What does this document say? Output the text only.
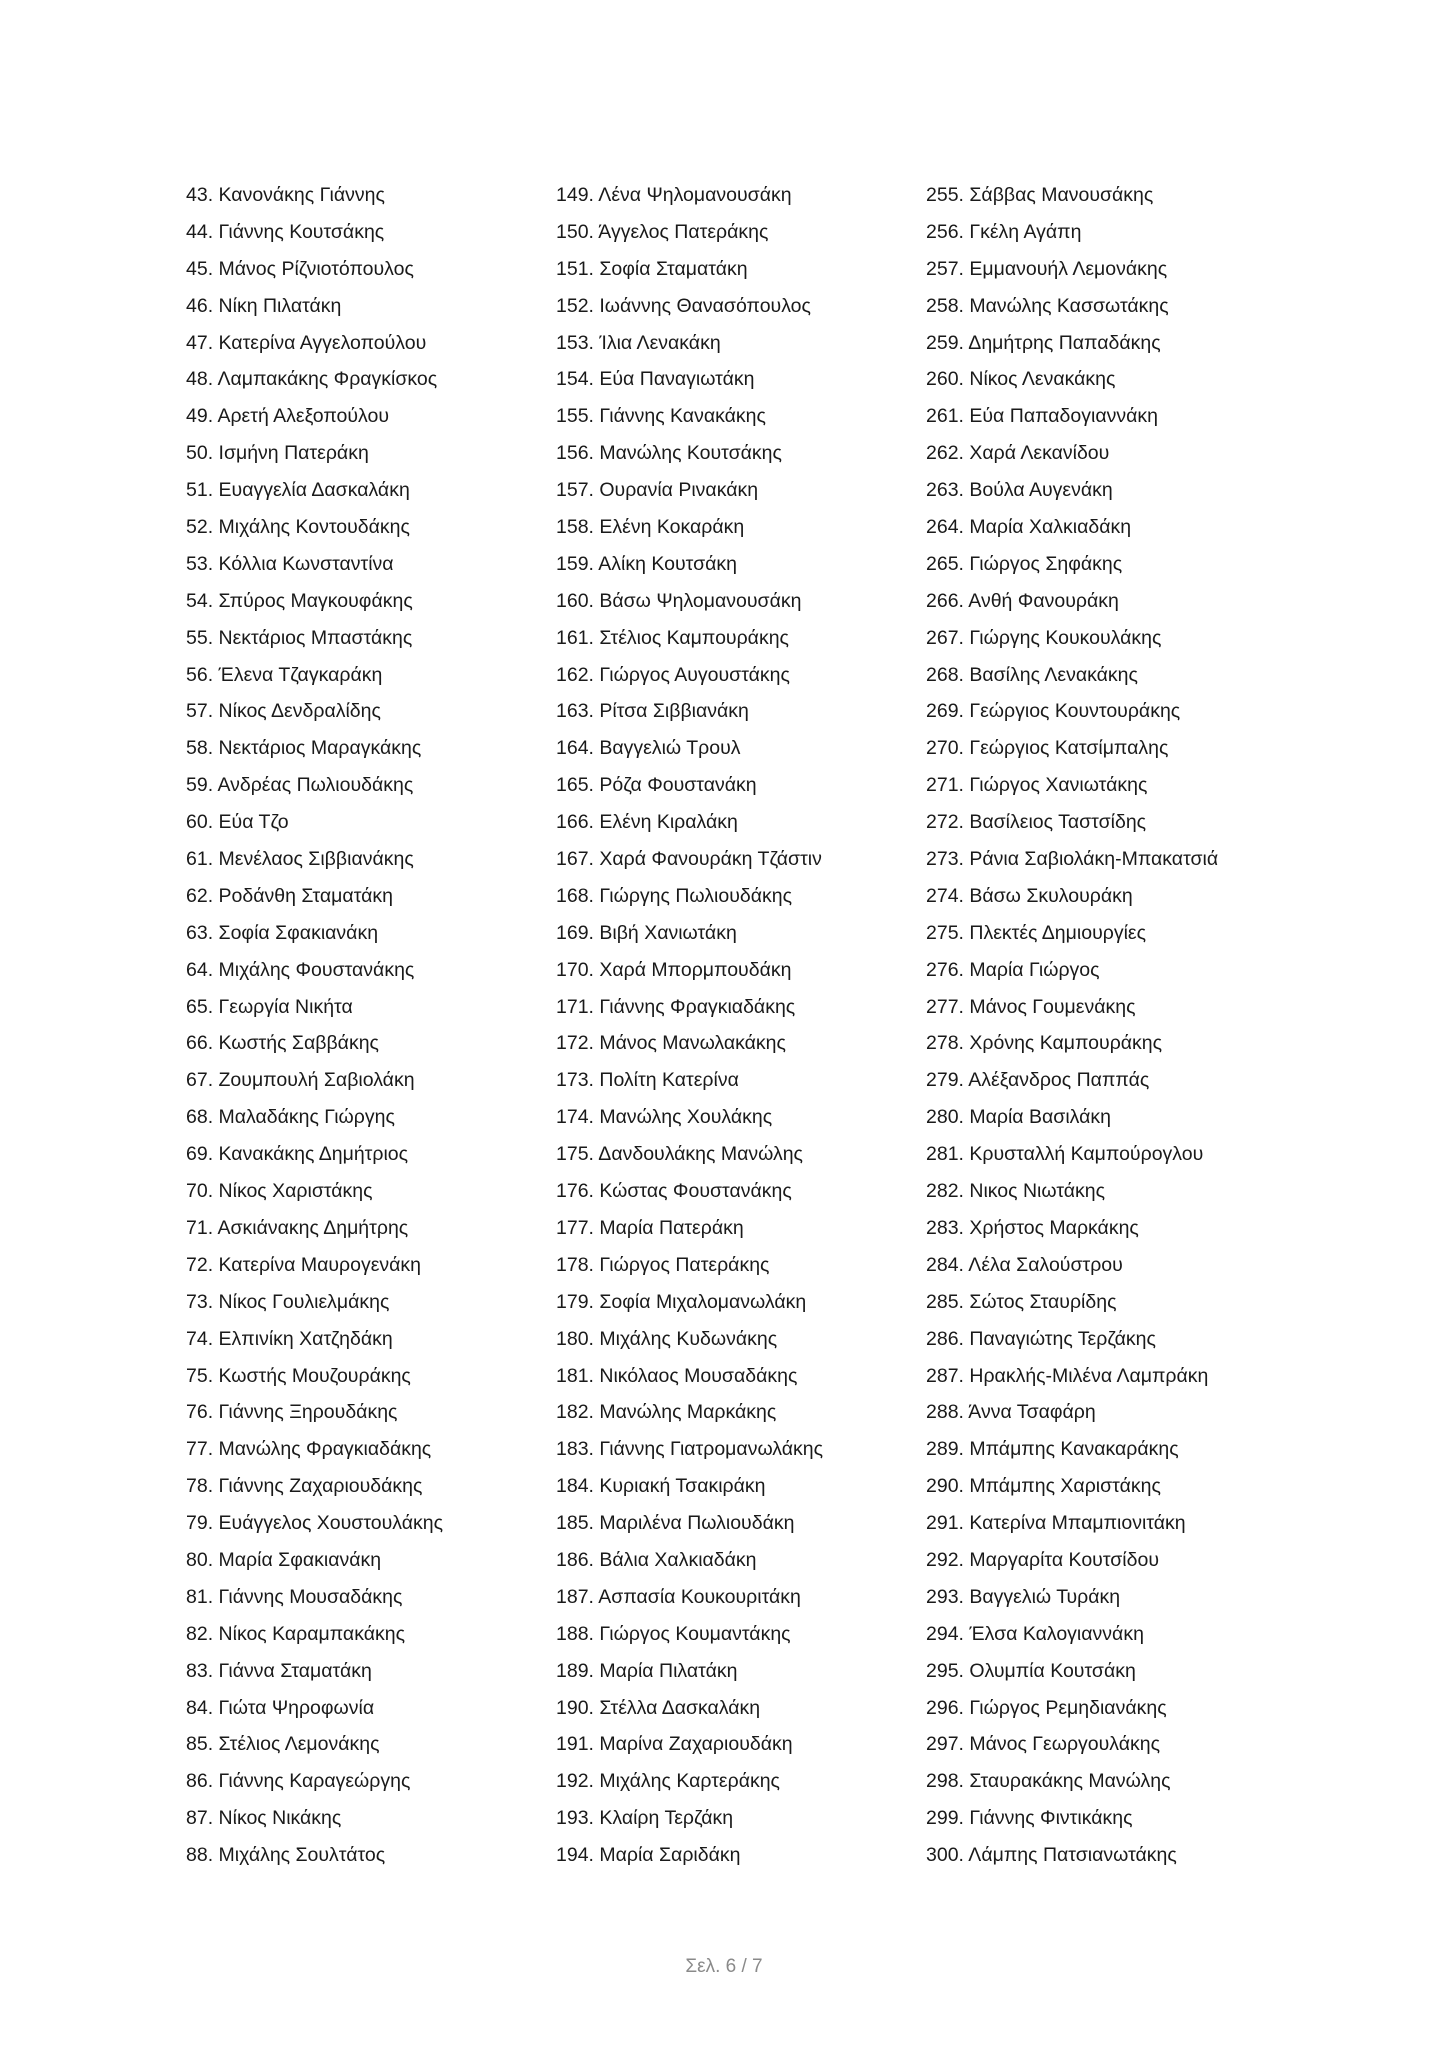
43. Κανονάκης Γιάννης
44. Γιάννης Κουτσάκης
45. Μάνος Ρίζνιοτόπουλος
46. Νίκη Πιλατάκη
47. Κατερίνα Αγγελοπούλου
48. Λαμπακάκης Φραγκίσκος
49. Αρετή Αλεξοπούλου
50. Ισμήνη Πατεράκη
51. Ευαγγελία Δασκαλάκη
52. Μιχάλης Κοντουδάκης
53. Κόλλια Κωνσταντίνα
54. Σπύρος Μαγκουφάκης
55. Νεκτάριος Μπαστάκης
56. Έλενα Τζαγκαράκη
57. Νίκος Δενδραλίδης
58. Νεκτάριος Μαραγκάκης
59. Ανδρέας Πωλιουδάκης
60. Εύα Τζο
61. Μενέλαος Σιββιανάκης
62. Ροδάνθη Σταματάκη
63. Σοφία Σφακιανάκη
64. Μιχάλης Φουστανάκης
65. Γεωργία Νικήτα
66. Κωστής Σαββάκης
67. Ζουμπουλή Σαβιολάκη
68. Μαλαδάκης Γιώργης
69. Κανακάκης Δημήτριος
70. Νίκος Χαριστάκης
71. Ασκιάνακης Δημήτρης
72. Κατερίνα Μαυρογενάκη
73. Νίκος Γουλιελμάκης
74. Ελπινίκη Χατζηδάκη
75. Κωστής Μουζουράκης
76. Γιάννης Ξηρουδάκης
77. Μανώλης Φραγκιαδάκης
78. Γιάννης Ζαχαριουδάκης
79. Ευάγγελος Χουστουλάκης
80. Μαρία Σφακιανάκη
81. Γιάννης Μουσαδάκης
82. Νίκος Καραμπακάκης
83. Γιάννα Σταματάκη
84. Γιώτα Ψηροφωνία
85. Στέλιος Λεμονάκης
86. Γιάννης Καραγεώργης
87. Νίκος Νικάκης
88. Μιχάλης Σουλτάτος
149. Λένα Ψηλομανουσάκη
150. Άγγελος Πατεράκης
151. Σοφία Σταματάκη
152. Ιωάννης Θανασόπουλος
153. Ίλια Λενακάκη
154. Εύα Παναγιωτάκη
155. Γιάννης Κανακάκης
156. Μανώλης Κουτσάκης
157. Ουρανία Ρινακάκη
158. Ελένη Κοκαράκη
159. Αλίκη Κουτσάκη
160. Βάσω Ψηλομανουσάκη
161. Στέλιος Καμπουράκης
162. Γιώργος Αυγουστάκης
163. Ρίτσα Σιββιανάκη
164. Βαγγελιώ Τρουλ
165. Ρόζα Φουστανάκη
166. Ελένη Κιραλάκη
167. Χαρά Φανουράκη Τζάστιν
168. Γιώργης Πωλιουδάκης
169. Βιβή Χανιωτάκη
170. Χαρά Μπορμπουδάκη
171. Γιάννης Φραγκιαδάκης
172. Μάνος Μανωλακάκης
173. Πολίτη Κατερίνα
174. Μανώλης Χουλάκης
175. Δανδουλάκης Μανώλης
176. Κώστας Φουστανάκης
177. Μαρία Πατεράκη
178. Γιώργος Πατεράκης
179. Σοφία Μιχαλομανωλάκη
180. Μιχάλης Κυδωνάκης
181. Νικόλαος Μουσαδάκης
182. Μανώλης Μαρκάκης
183. Γιάννης Γιατρομανωλάκης
184. Κυριακή Τσακιράκη
185. Μαριλένα Πωλιουδάκη
186. Βάλια Χαλκιαδάκη
187. Ασπασία Κουκουριτάκη
188. Γιώργος Κουμαντάκης
189. Μαρία Πιλατάκη
190. Στέλλα Δασκαλάκη
191. Μαρίνα Ζαχαριουδάκη
192. Μιχάλης Καρτεράκης
193. Κλαίρη Τερζάκη
194. Μαρία Σαριδάκη
255. Σάββας Μανουσάκης
256. Γκέλη Αγάπη
257. Εμμανουήλ Λεμονάκης
258. Μανώλης Κασσωτάκης
259. Δημήτρης Παπαδάκης
260. Νίκος Λενακάκης
261. Εύα Παπαδογιαννάκη
262. Χαρά Λεκανίδου
263. Βούλα Αυγενάκη
264. Μαρία Χαλκιαδάκη
265. Γιώργος Σηφάκης
266. Ανθή Φανουράκη
267. Γιώργης Κουκουλάκης
268. Βασίλης Λενακάκης
269. Γεώργιος Κουντουράκης
270. Γεώργιος Κατσίμπαλης
271. Γιώργος Χανιωτάκης
272. Βασίλειος Ταστσίδης
273. Ράνια Σαβιολάκη-Μπακατσιά
274. Βάσω Σκυλουράκη
275. Πλεκτές Δημιουργίες
276. Μαρία Γιώργος
277. Μάνος Γουμενάκης
278. Χρόνης Καμπουράκης
279. Αλέξανδρος Παππάς
280. Μαρία Βασιλάκη
281. Κρυσταλλή Καμπούρογλου
282. Νικος Νιωτάκης
283. Χρήστος Μαρκάκης
284. Λέλα Σαλούστρου
285. Σώτος Σταυρίδης
286. Παναγιώτης Τερζάκης
287. Ηρακλής-Μιλένα Λαμπράκη
288. Άννα Τσαφάρη
289. Μπάμπης Κανακαράκης
290. Μπάμπης Χαριστάκης
291. Κατερίνα Μπαμπιονιτάκη
292. Μαργαρίτα Κουτσίδου
293. Βαγγελιώ Τυράκη
294. Έλσα Καλογιαννάκη
295. Ολυμπία Κουτσάκη
296. Γιώργος Ρεμηδιανάκης
297. Μάνος Γεωργουλάκης
298. Σταυρακάκης Μανώλης
299. Γιάννης Φιντικάκης
300. Λάμπης Πατσιανωτάκης
Σελ. 6 / 7
